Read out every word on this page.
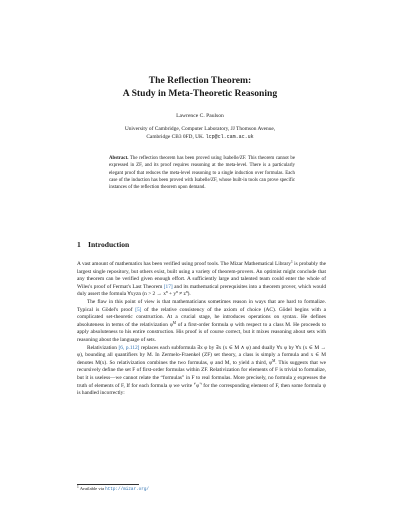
The Reflection Theorem:
A Study in Meta-Theoretic Reasoning
Lawrence C. Paulson
University of Cambridge, Computer Laboratory, JJ Thomson Avenue,
Cambridge CB3 0FD, UK. lcp@cl.cam.ac.uk
Abstract. The reflection theorem has been proved using Isabelle/ZF. This theorem cannot be expressed in ZF, and its proof requires reasoning at the meta-level. There is a particularly elegant proof that reduces the meta-level reasoning to a single induction over formulas. Each case of the induction has been proved with Isabelle/ZF, whose built-in tools can prove specific instances of the reflection theorem upon demand.
1 Introduction

A vast amount of mathematics has been verified using proof tools. The Mizar Mathematical Library$^1$ is probably the largest single repository, but others exist, built using a variety of theorem-provers. An optimist might conclude that any theorem can be verified given enough effort. A sufficiently large and talented team could enter the whole of Wiles's proof of Fermat's Last Theorem [17] and its mathematical prerequisites into a theorem prover, which would duly assert the formula ∀xyzn $(n > 2 \to x^n + y^n \ne z^n)$.

The flaw in this point of view is that mathematicians sometimes reason in ways that are hard to formalize. Typical is Gödel's proof [5] of the relative consistency of the axiom of choice (AC). Gödel begins with a complicated set-theoretic construction. At a crucial stage, he introduces operations on syntax. He defines absoluteness in terms of the relativization $\varphi^M$ of a first-order formula φ with respect to a class M. He proceeds to apply absoluteness to his entire construction. His proof is of course correct, but it mixes reasoning about sets with reasoning about the language of sets.

Relativization [6, p.112] replaces each subformula ∃x φ by ∃x (x ∈ M ∧ φ) and dually ∀x φ by ∀x (x ∈ M → φ), bounding all quantifiers by M. In Zermelo-Fraenkel (ZF) set theory, a class is simply a formula and x ∈ M denotes M(x). So relativization combines the two formulas, φ and M, to yield a third, $\varphi^M$. This suggests that we recursively define the set F of first-order formulas within ZF. Relativization for elements of F is trivial to formalize, but it is useless—we cannot relate the “formulas” in F to real formulas. More precisely, no formula χ expresses the truth of elements of F, If for each formula φ we write ⌜φ⌝ for the corresponding element of F, then some formula ψ is handled incorrectly:

$^1$ Available via http://mizar.org/
